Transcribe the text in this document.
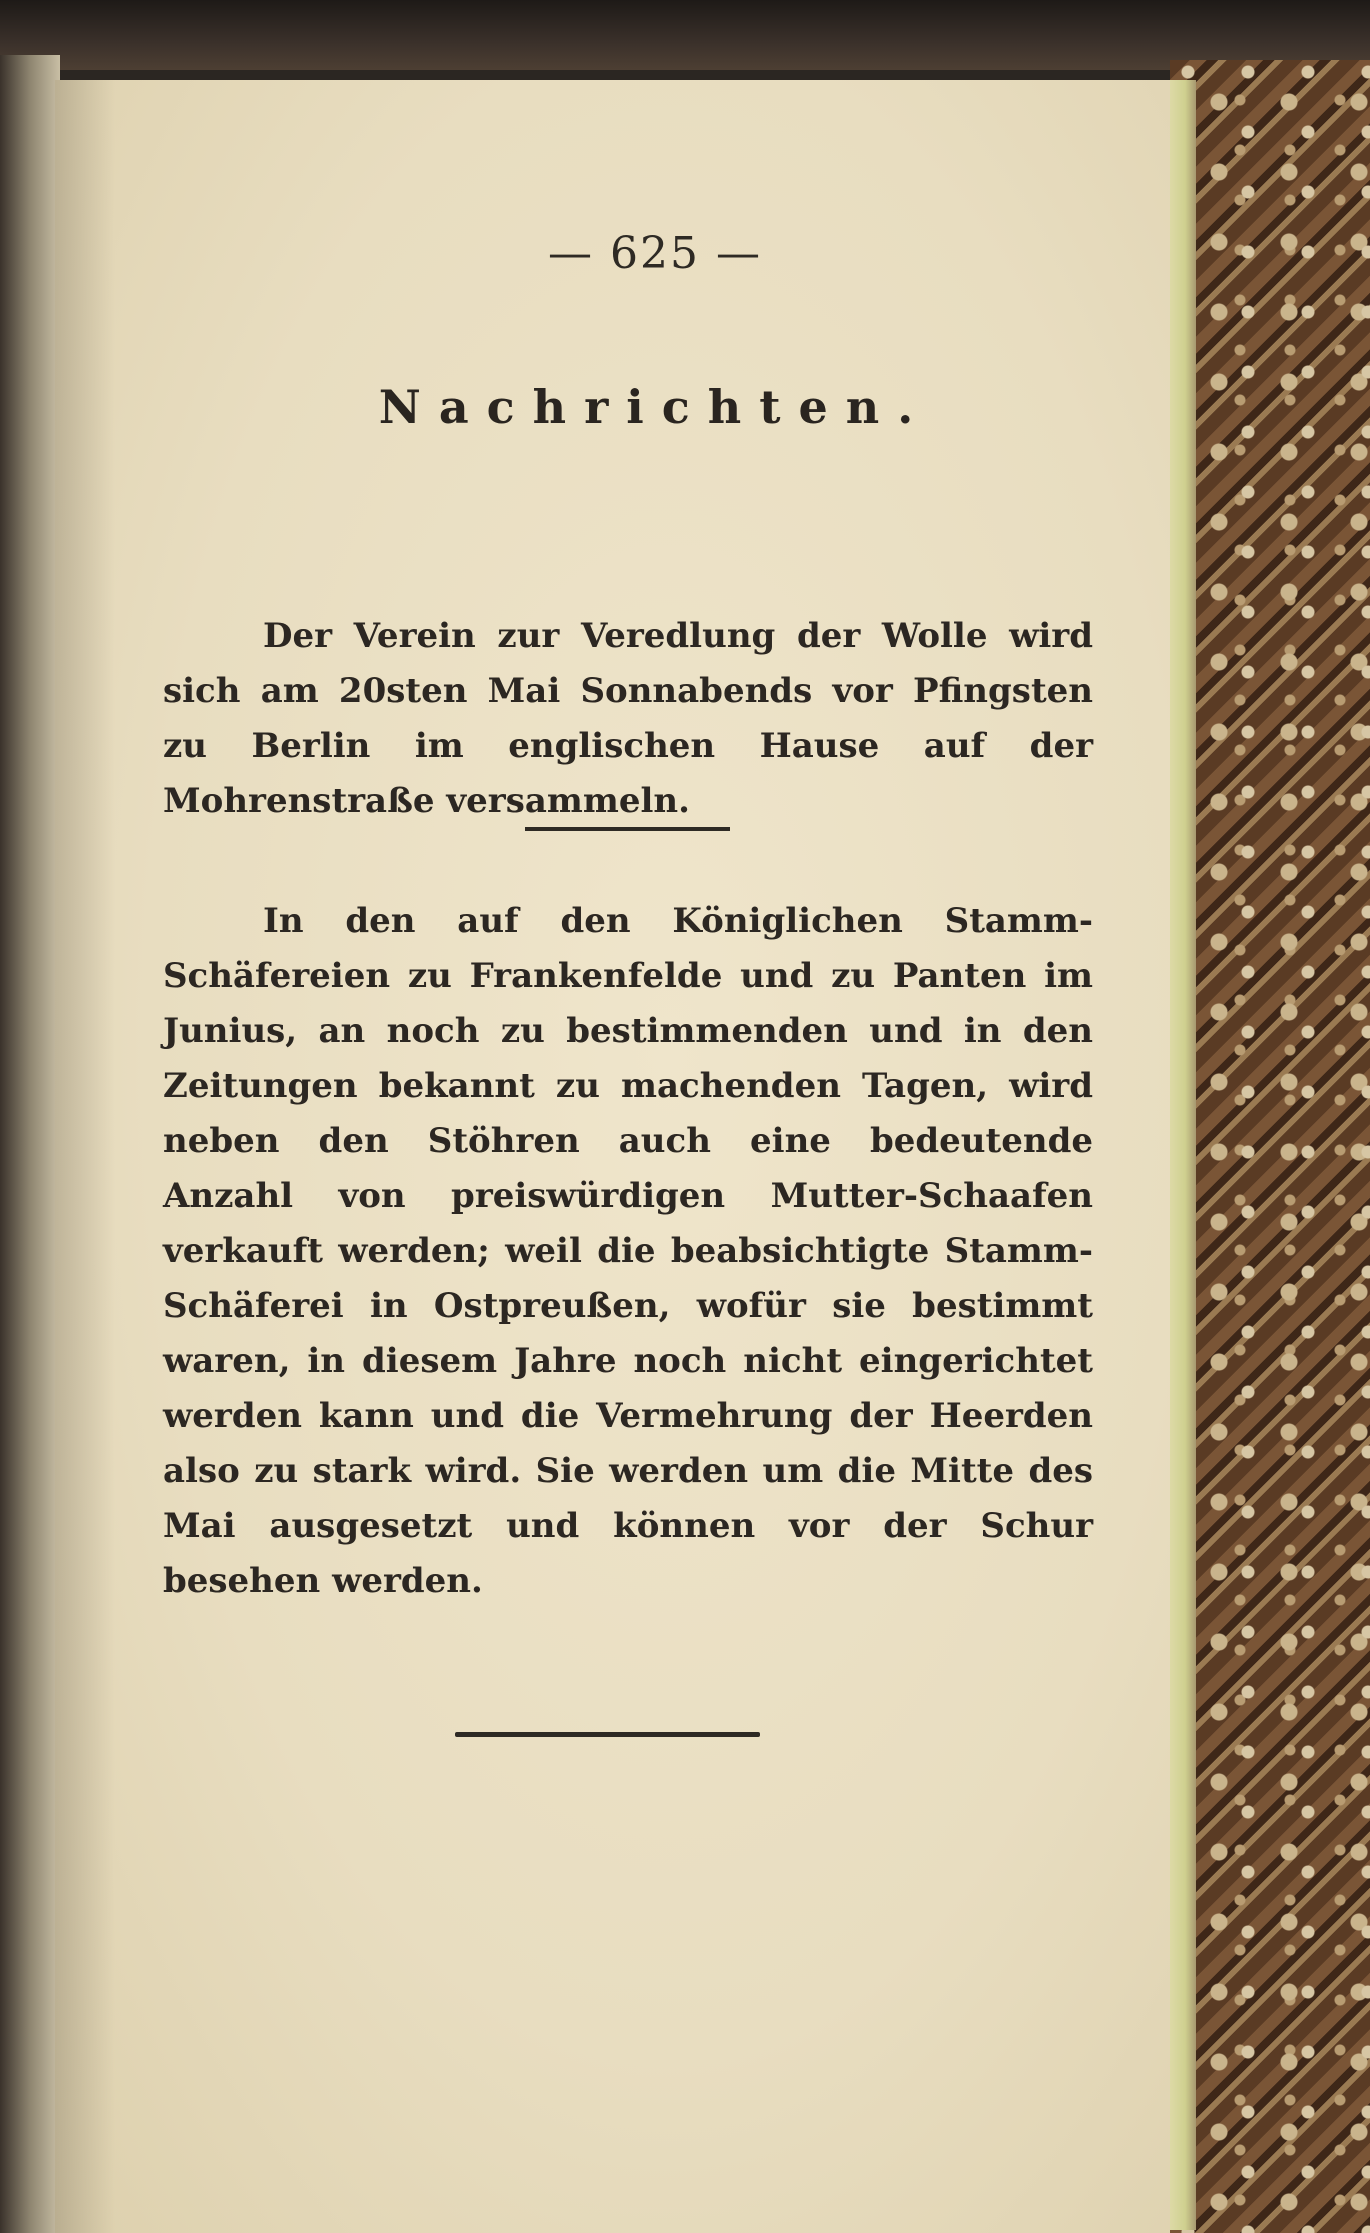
— 625 —
Nachrichten.

Der Verein zur Veredlung der Wolle wird sich am 20sten Mai Sonnabends vor Pfingsten zu Berlin im englischen Hause auf der Mohrenstraße versammeln.

In den auf den Königlichen Stamm-Schäfereien zu Frankenfelde und zu Panten im Junius, an noch zu bestimmenden und in den Zeitungen bekannt zu machenden Tagen, wird neben den Stöhren auch eine bedeutende Anzahl von preiswürdigen Mutter-Schaafen verkauft werden; weil die beabsichtigte Stamm-Schäferei in Ostpreußen, wofür sie bestimmt waren, in diesem Jahre noch nicht eingerichtet werden kann und die Vermehrung der Heerden also zu stark wird. Sie werden um die Mitte des Mai ausgesetzt und können vor der Schur besehen werden.
